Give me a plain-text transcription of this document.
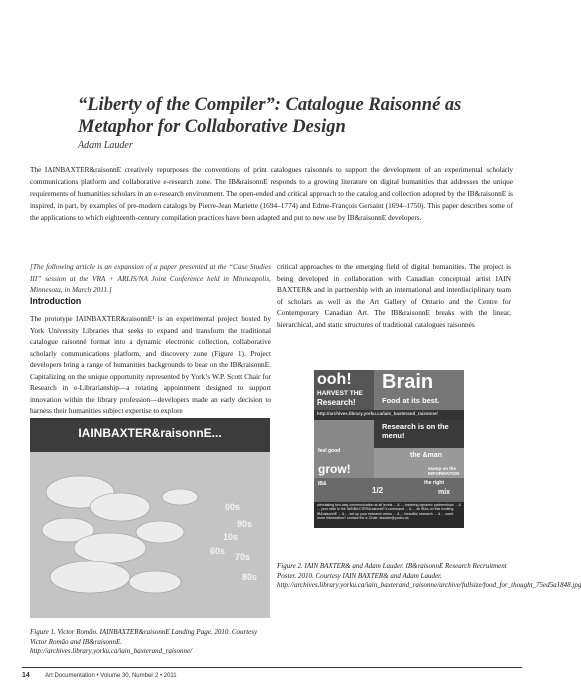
“Liberty of the Compiler”: Catalogue Raisonné as Metaphor for Collaborative Design
Adam Lauder
The IAINBAXTER&raisonnE creatively repurposes the conventions of print catalogues raisonnés to support the development of an experimental scholarly communications platform and collaborative e-research zone. The IB&raisonnE responds to a growing literature on digital humanities that addresses the unique requirements of humanities scholars in an e-research environment. The open-ended and critical approach to the catalog and collection adopted by the IB&raisonnE is inspired, in part, by examples of pre-modern catalogs by Pierre-Jean Mariette (1694–1774) and Edme-François Gersaint (1694–1750). This paper describes some of the applications to which eighteenth-century compilation practices have been adapted and put to new use by IB&raisonnE developers.
[The following article is an expansion of a paper presented at the “Case Studies III” session at the VRA + ARLIS/NA Joint Conference held in Minneapolis, Minnesota, in March 2011.]
Introduction
The prototype IAINBAXTER&raisonnE¹ is an experimental project hosted by York University Libraries that seeks to expand and transform the traditional catalogue raisonné format into a dynamic electronic collection, collaborative scholarly communications platform, and discovery zone (Figure 1). Project developers bring a range of humanities backgrounds to bear on the IB&raisonnE. Capitalizing on the unique opportunity represented by York’s W.P. Scott Chair for Research in e-Librarianship—a rotating appointment designed to support innovation within the library profession—developers made an early decision to harness their humanities subject expertise to explore
critical approaches to the emerging field of digital humanities. The project is being developed in collaboration with Canadian conceptual artist IAIN BAXTER& and in partnership with an international and interdisciplinary team of scholars as well as the Art Gallery of Ontario and the Centre for Contemporary Canadian Art. The IB&raisonnE breaks with the linear, hierarchical, and static structures of traditional catalogues raisonnés
IAINBAXTER&raisonnE...
00s
90s
10s
60s
70s
80s
Figure 1. Victor Romão. IAINBAXTER&raisonnE Landing Page. 2010. Courtesy Victor Romão and IB&raisonnE. http://archives.library.yorku.ca/iain_baxterand_raisonne/
ooh!
HARVEST THE
Research!
Brain
Food at its best.
http://archives.library.yorku.ca/iain_baxterand_raisonne/
feel good
grow!
Research is on the menu!
the &man
stamp on the INFORMATION
IB&
1/2	mix
the right
stimulating two-way communication at all levels ... & ... fostering dynamic partnerships ... & ... your wish is the IAINBAXTER&raisonnE’s command ... & ... all IB&s on this exciting IB&raisonnE ... & ... set up your research menu ... & ... beautiful research ... & ... want more information? contact the e-Chair: alauder@yorku.ca
Figure 2. IAIN BAXTER& and Adam Lauder. IB&raisonnE Research Recruitment Poster. 2010. Courtesy IAIN BAXTER& and Adam Lauder. http://archives.library.yorku.ca/iain_baxterand_raisonne/archive/fullsize/food_for_thought_75ed5a1848.jpg
14	Art Documentation • Volume 30, Number 2 • 2011
